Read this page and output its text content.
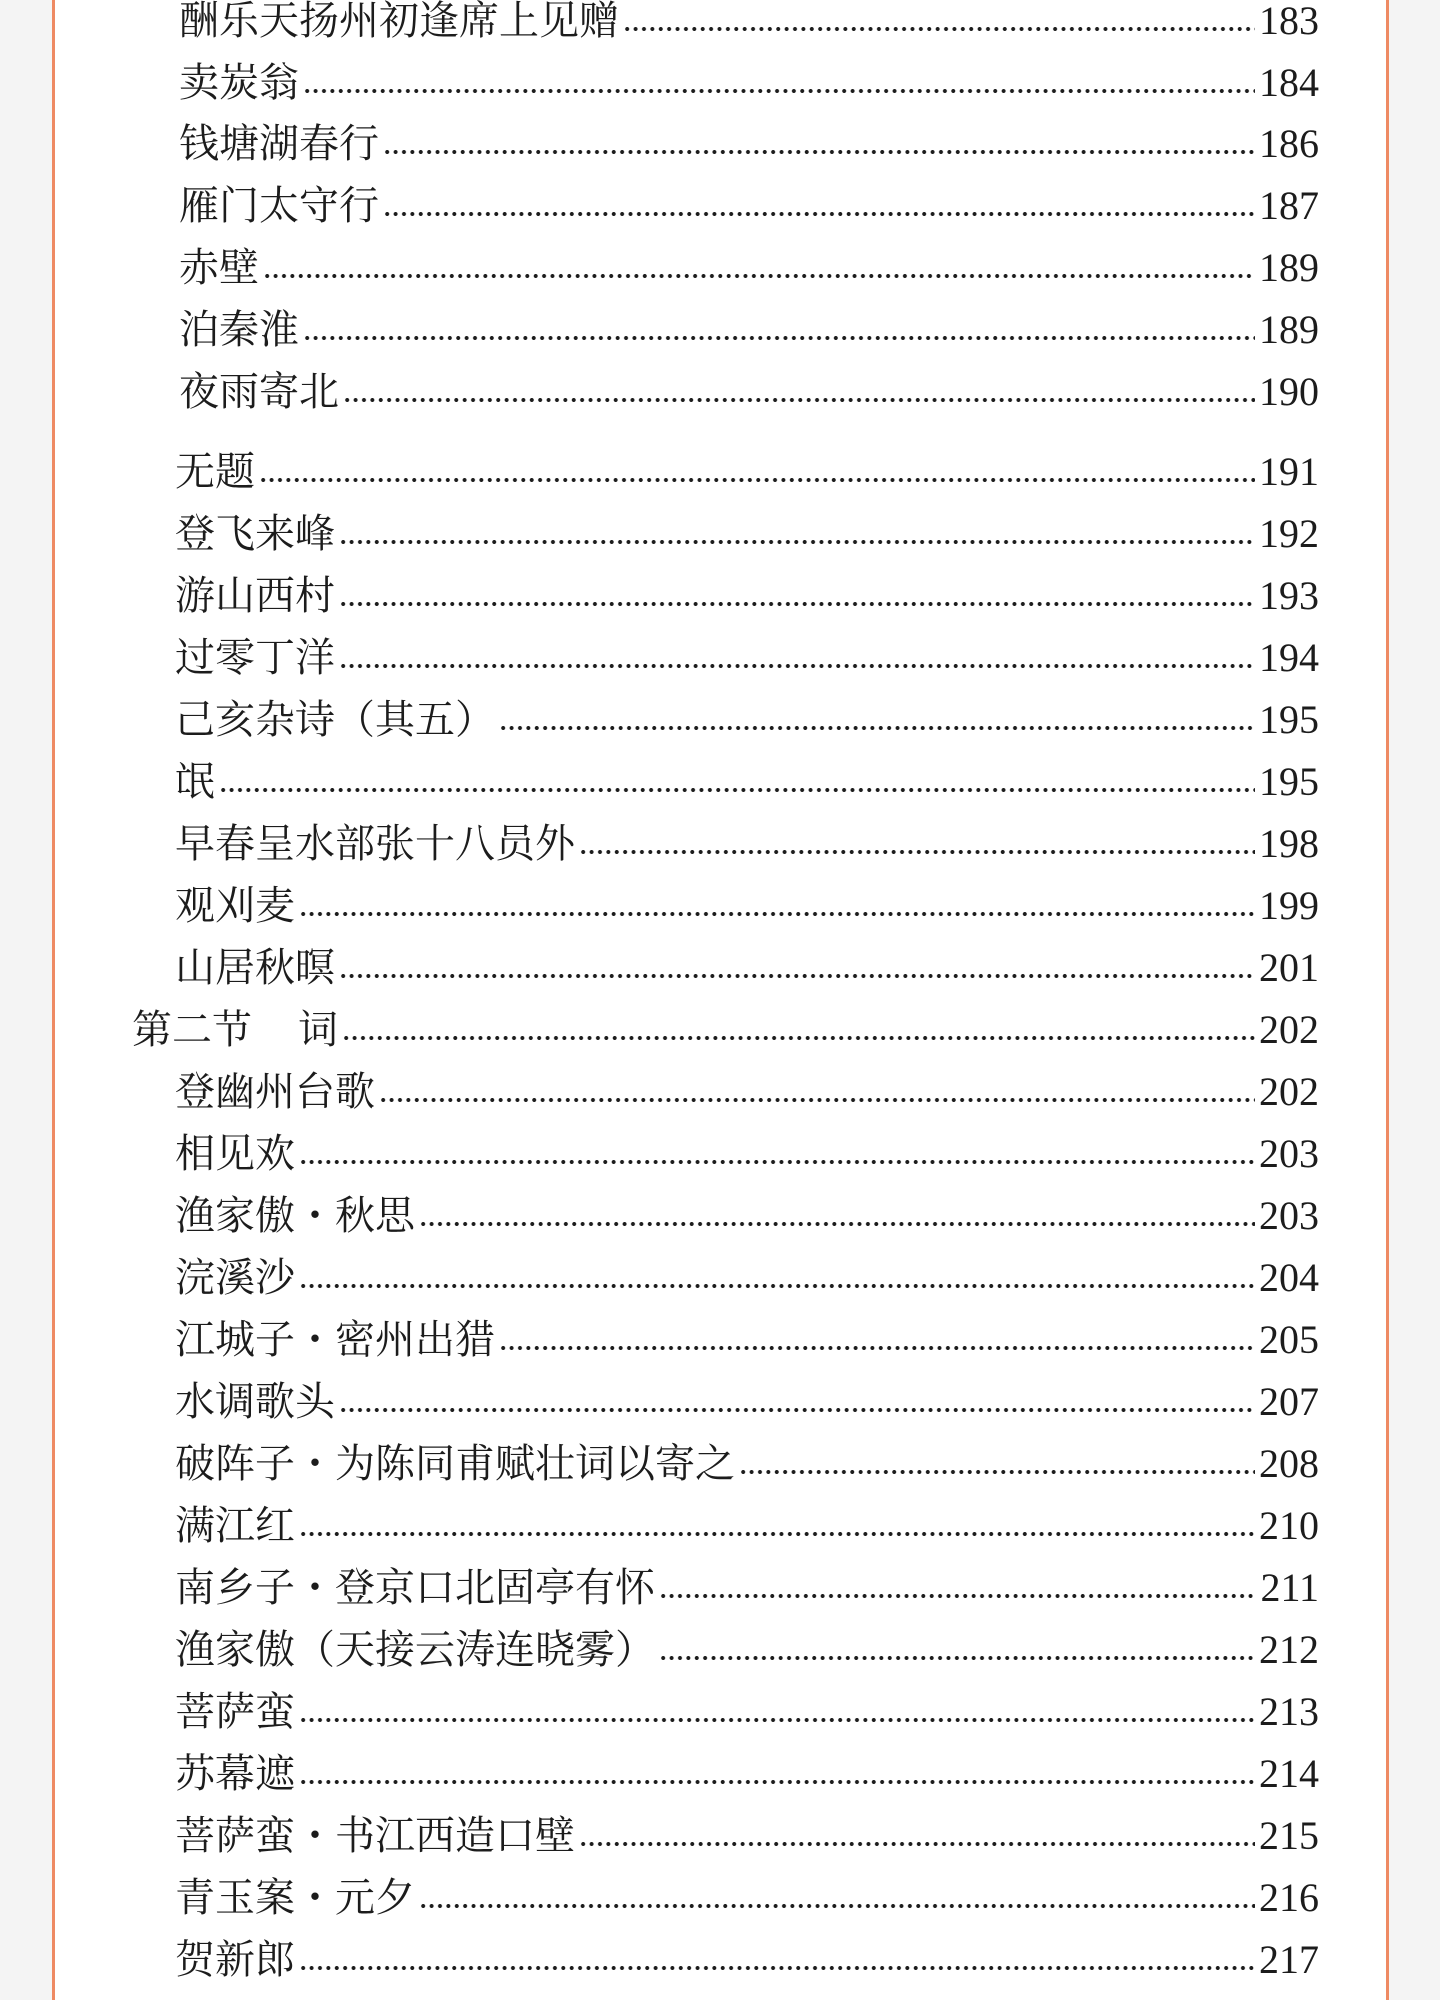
酬乐天扬州初逢席上见赠	183
卖炭翁	184
钱塘湖春行	186
雁门太守行	187
赤壁	189
泊秦淮	189
夜雨寄北	190
无题	191
登飞来峰	192
游山西村	193
过零丁洋	194
己亥杂诗（其五）	195
氓	195
早春呈水部张十八员外	198
观刈麦	199
山居秋暝	201
第二节 词	202
登幽州台歌	202
相见欢	203
渔家傲・秋思	203
浣溪沙	204
江城子・密州出猎	205
水调歌头	207
破阵子・为陈同甫赋壮词以寄之	208
满江红	210
南乡子・登京口北固亭有怀	211
渔家傲（天接云涛连晓雾）	212
菩萨蛮	213
苏幕遮	214
菩萨蛮・书江西造口壁	215
青玉案・元夕	216
贺新郎	217
